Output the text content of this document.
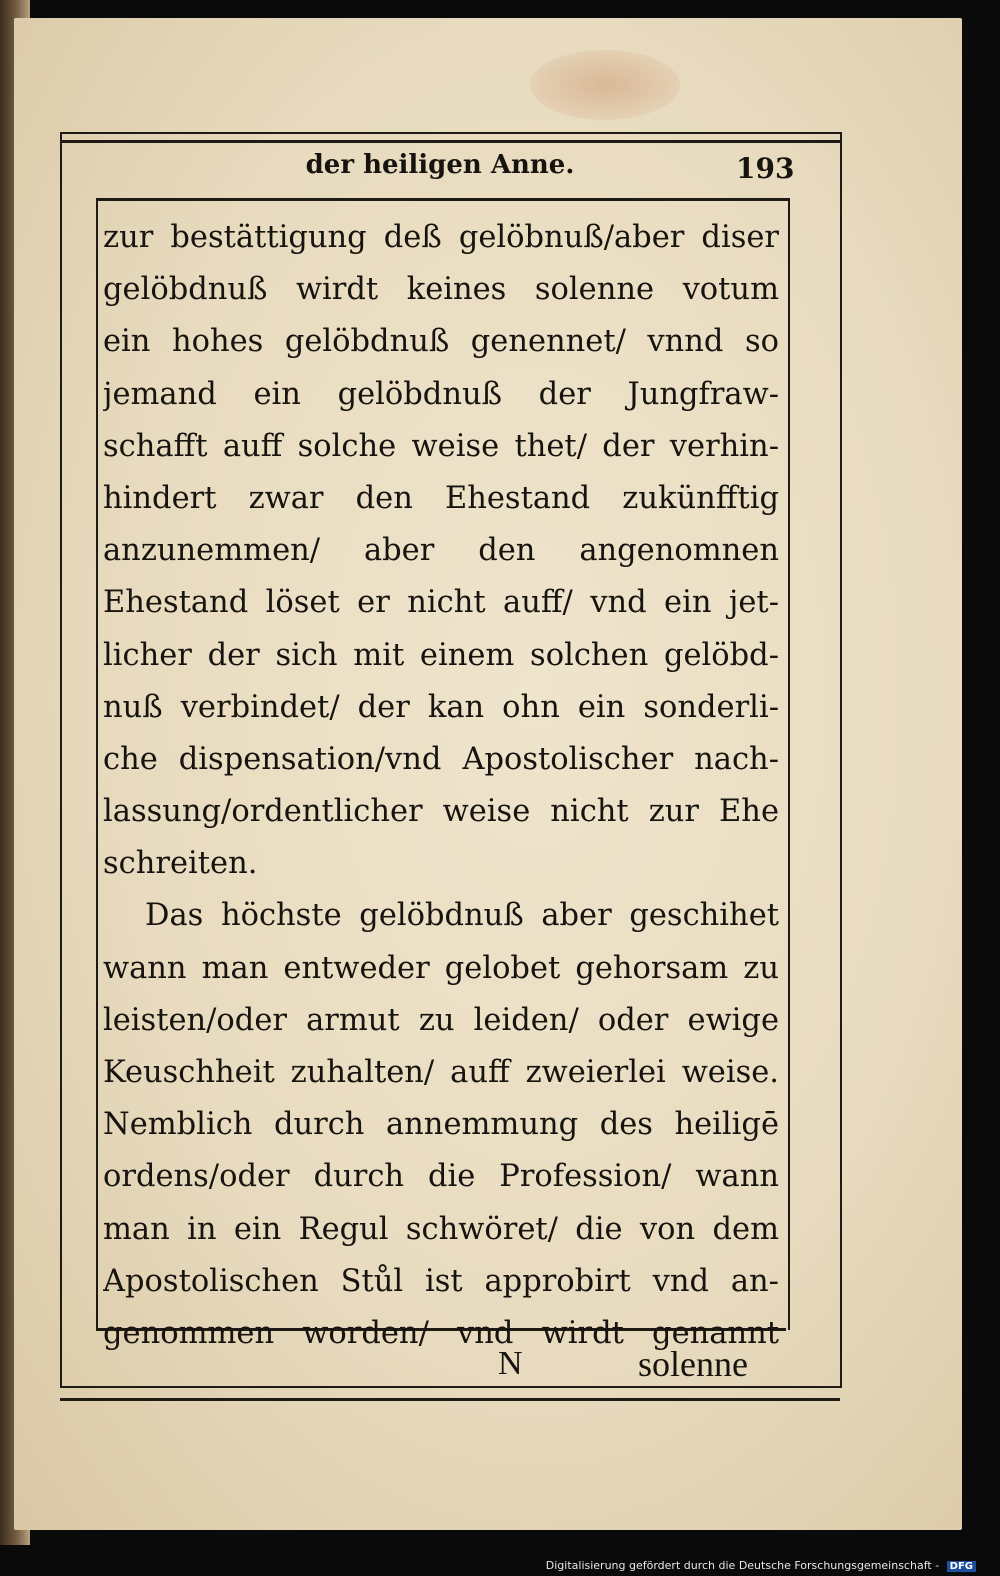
der heiligen Anne.	193
zur bestättigung deß gelöbnuß/aber diser
gelöbdnuß wirdt keines solenne votum
ein hohes gelöbdnuß genennet/ vnnd so
jemand ein gelöbdnuß der Jungfraw-
schafft auff solche weise thet/ der verhin-
hindert zwar den Ehestand zukünfftig
anzunemmen/ aber den angenomnen
Ehestand löset er nicht auff/ vnd ein jet-
licher der sich mit einem solchen gelöbd-
nuß verbindet/ der kan ohn ein sonderli-
che dispensation/vnd Apostolischer nach-
lassung/ordentlicher weise nicht zur Ehe
schreiten.
Das höchste gelöbdnuß aber geschihet
wann man entweder gelobet gehorsam zu
leisten/oder armut zu leiden/ oder ewige
Keuschheit zuhalten/ auff zweierlei weise.
Nemblich durch annemmung des heiligē
ordens/oder durch die Profession/ wann
man in ein Regul schwöret/ die von dem
Apostolischen Stůl ist approbirt vnd an-
genommen worden/ vnd wirdt genannt
N	solenne
Digitalisierung gefördert durch die Deutsche Forschungsgemeinschaft - DFG
